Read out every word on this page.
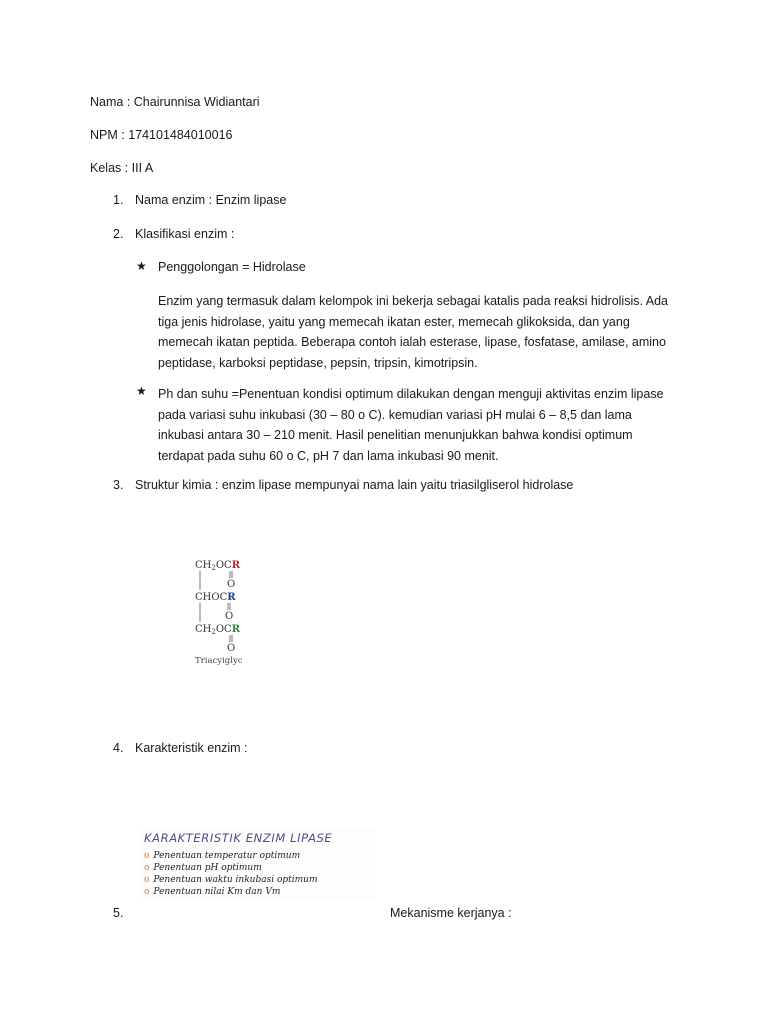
Nama : Chairunnisa Widiantari
NPM : 174101484010016
Kelas : III A
1. Nama enzim : Enzim lipase
2. Klasifikasi enzim :
★ Penggolongan = Hidrolase
Enzim yang termasuk dalam kelompok ini bekerja sebagai katalis pada reaksi hidrolisis. Ada tiga jenis hidrolase, yaitu yang memecah ikatan ester, memecah glikoksida, dan yang memecah ikatan peptida. Beberapa contoh ialah esterase, lipase, fosfatase, amilase, amino peptidase, karboksi peptidase, pepsin, tripsin, kimotripsin.
★ Ph dan suhu =Penentuan kondisi optimum dilakukan dengan menguji aktivitas enzim lipase pada variasi suhu inkubasi (30 – 80 o C). kemudian variasi pH mulai 6 – 8,5 dan lama inkubasi antara 30 – 210 menit. Hasil penelitian menunjukkan bahwa kondisi optimum terdapat pada suhu 60 o C, pH 7 dan lama inkubasi 90 menit.
3. Struktur kimia : enzim lipase mempunyai nama lain yaitu triasilgliserol hidrolase
$CH_2OCR$
O
CHOCR
O
$CH_2OCR$
O
Triacyiglyc
4. Karakteristik enzim :
KARAKTERISTIK ENZIM LIPASE
o Penentuan temperatur optimum
o Penentuan pH optimum
o Penentuan waktu inkubasi optimum
o Penentuan nilai Km dan Vm
5.	Mekanisme kerjanya :
